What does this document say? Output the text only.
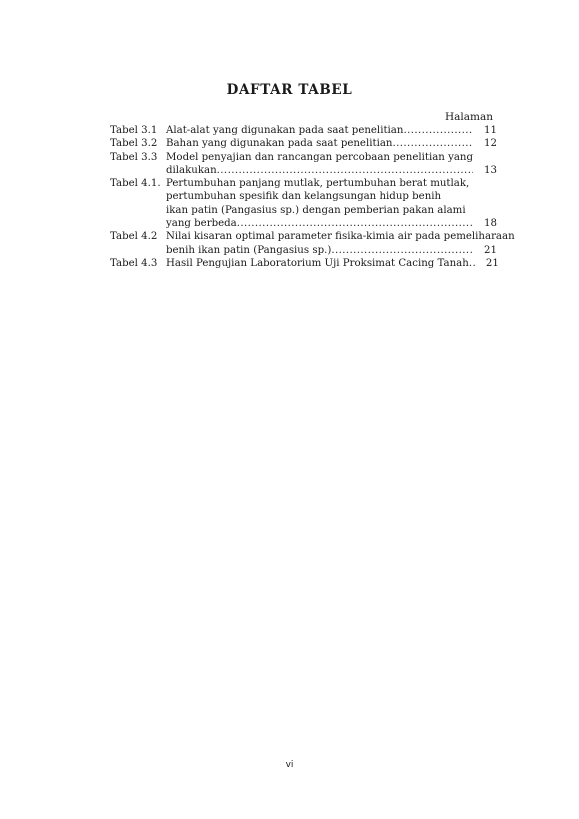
DAFTAR TABEL
Halaman
Tabel 3.1 Alat-alat yang digunakan pada saat penelitian .....	11
Tabel 3.2 Bahan yang digunakan pada saat penelitian .....	12
Tabel 3.3 Model penyajian dan rancangan percobaan penelitian yang
dilakukan .....	13
Tabel 4.1. Pertumbuhan panjang mutlak, pertumbuhan berat mutlak,
pertumbuhan spesifik dan kelangsungan hidup benih
ikan patin (Pangasius sp.) dengan pemberian pakan alami
yang berbeda .....	18
Tabel 4.2 Nilai kisaran optimal parameter fisika-kimia air pada pemeliharaan
benih ikan patin (Pangasius sp.) .....	21
Tabel 4.3 Hasil Pengujian Laboratorium Uji Proksimat Cacing Tanah .....	21
vi
